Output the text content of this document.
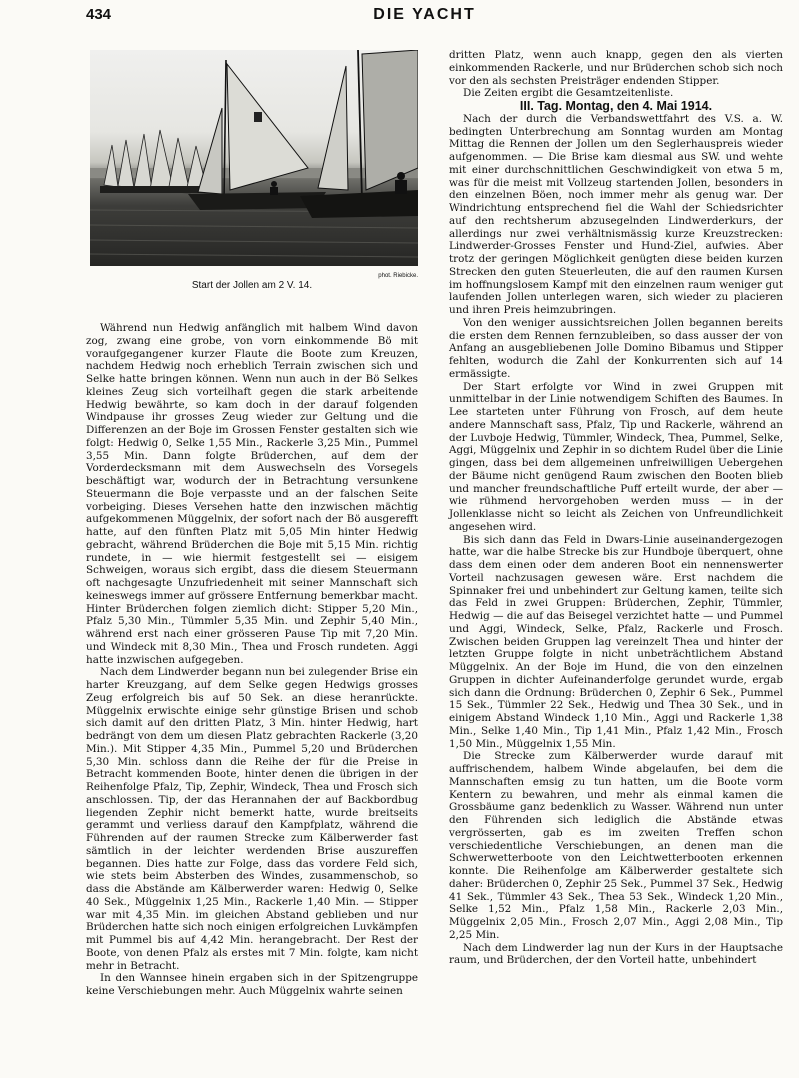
434	DIE YACHT
phot. Riebicke.
Start der Jollen am 2 V. 14.

Während nun Hedwig anfänglich mit halbem Wind davon zog, zwang eine grobe, von vorn einkommende Bö mit voraufgegangener kurzer Flaute die Boote zum Kreuzen, nachdem Hedwig noch erheblich Terrain zwischen sich und Selke hatte bringen können. Wenn nun auch in der Bö Selkes kleines Zeug sich vorteilhaft gegen die stark arbeitende Hedwig bewährte, so kam doch in der darauf folgenden Windpause ihr grosses Zeug wieder zur Geltung und die Differenzen an der Boje im Grossen Fenster gestalten sich wie folgt: Hedwig 0, Selke 1,55 Min., Rackerle 3,25 Min., Pummel 3,55 Min. Dann folgte Brüderchen, auf dem der Vorderdecksmann mit dem Auswechseln des Vorsegels beschäftigt war, wodurch der in Betrachtung versunkene Steuermann die Boje verpasste und an der falschen Seite vorbeiging. Dieses Versehen hatte den inzwischen mächtig aufgekommenen Müggelnix, der sofort nach der Bö ausgerefft hatte, auf den fünften Platz mit 5,05 Min hinter Hedwig gebracht, während Brüderchen die Boje mit 5,15 Min. richtig rundete, in — wie hiermit festgestellt sei — eisigem Schweigen, woraus sich ergibt, dass die diesem Steuermann oft nachgesagte Unzufriedenheit mit seiner Mannschaft sich keineswegs immer auf grössere Entfernung bemerkbar macht. Hinter Brüderchen folgen ziemlich dicht: Stipper 5,20 Min., Pfalz 5,30 Min., Tümmler 5,35 Min. und Zephir 5,40 Min., während erst nach einer grösseren Pause Tip mit 7,20 Min. und Windeck mit 8,30 Min., Thea und Frosch rundeten. Aggi hatte inzwischen aufgegeben.

Nach dem Lindwerder begann nun bei zulegender Brise ein harter Kreuzgang, auf dem Selke gegen Hedwigs grosses Zeug erfolgreich bis auf 50 Sek. an diese heranrückte. Müggelnix erwischte einige sehr günstige Brisen und schob sich damit auf den dritten Platz, 3 Min. hinter Hedwig, hart bedrängt von dem um diesen Platz gebrachten Rackerle (3,20 Min.). Mit Stipper 4,35 Min., Pummel 5,20 und Brüderchen 5,30 Min. schloss dann die Reihe der für die Preise in Betracht kommenden Boote, hinter denen die übrigen in der Reihenfolge Pfalz, Tip, Zephir, Windeck, Thea und Frosch sich anschlossen. Tip, der das Herannahen der auf Backbordbug liegenden Zephir nicht bemerkt hatte, wurde breitseits gerammt und verliess darauf den Kampfplatz, während die Führenden auf der raumen Strecke zum Kälberwerder fast sämtlich in der leichter werdenden Brise auszureffen begannen. Dies hatte zur Folge, dass das vordere Feld sich, wie stets beim Absterben des Windes, zusammenschob, so dass die Abstände am Kälberwerder waren: Hedwig 0, Selke 40 Sek., Müggelnix 1,25 Min., Rackerle 1,40 Min. — Stipper war mit 4,35 Min. im gleichen Abstand geblieben und nur Brüderchen hatte sich noch einigen erfolgreichen Luvkämpfen mit Pummel bis auf 4,42 Min. herangebracht. Der Rest der Boote, von denen Pfalz als erstes mit 7 Min. folgte, kam nicht mehr in Betracht.

In den Wannsee hinein ergaben sich in der Spitzengruppe keine Verschiebungen mehr. Auch Müggelnix wahrte seinen

dritten Platz, wenn auch knapp, gegen den als vierten einkommenden Rackerle, und nur Brüderchen schob sich noch vor den als sechsten Preisträger endenden Stipper.

Die Zeiten ergibt die Gesamtzeitenliste.

III. Tag. Montag, den 4. Mai 1914.

Nach der durch die Verbandswettfahrt des V.S. a. W. bedingten Unterbrechung am Sonntag wurden am Montag Mittag die Rennen der Jollen um den Seglerhauspreis wieder aufgenommen. — Die Brise kam diesmal aus SW. und wehte mit einer durchschnittlichen Geschwindigkeit von etwa 5 m, was für die meist mit Vollzeug startenden Jollen, besonders in den einzelnen Böen, noch immer mehr als genug war. Der Windrichtung entsprechend fiel die Wahl der Schiedsrichter auf den rechtsherum abzusegelnden Lindwerderkurs, der allerdings nur zwei verhältnismässig kurze Kreuzstrecken: Lindwerder-Grosses Fenster und Hund-Ziel, aufwies. Aber trotz der geringen Möglichkeit genügten diese beiden kurzen Strecken den guten Steuerleuten, die auf den raumen Kursen im hoffnungslosem Kampf mit den einzelnen raum weniger gut laufenden Jollen unterlegen waren, sich wieder zu placieren und ihren Preis heimzubringen.

Von den weniger aussichtsreichen Jollen begannen bereits die ersten dem Rennen fernzubleiben, so dass ausser der von Anfang an ausgebliebenen Jolle Domino Bibamus und Stipper fehlten, wodurch die Zahl der Konkurrenten sich auf 14 ermässigte.

Der Start erfolgte vor Wind in zwei Gruppen mit unmittelbar in der Linie notwendigem Schiften des Baumes. In Lee starteten unter Führung von Frosch, auf dem heute andere Mannschaft sass, Pfalz, Tip und Rackerle, während an der Luvboje Hedwig, Tümmler, Windeck, Thea, Pummel, Selke, Aggi, Müggelnix und Zephir in so dichtem Rudel über die Linie gingen, dass bei dem allgemeinen unfreiwilligen Uebergehen der Bäume nicht genügend Raum zwischen den Booten blieb und mancher freundschaftliche Puff erteilt wurde, der aber — wie rühmend hervorgehoben werden muss — in der Jollenklasse nicht so leicht als Zeichen von Unfreundlichkeit angesehen wird.

Bis sich dann das Feld in Dwars-Linie auseinandergezogen hatte, war die halbe Strecke bis zur Hundboje überquert, ohne dass dem einen oder dem anderen Boot ein nennenswerter Vorteil nachzusagen gewesen wäre. Erst nachdem die Spinnaker frei und unbehindert zur Geltung kamen, teilte sich das Feld in zwei Gruppen: Brüderchen, Zephir, Tümmler, Hedwig — die auf das Beisegel verzichtet hatte — und Pummel und Aggi, Windeck, Selke, Pfalz, Rackerle und Frosch. Zwischen beiden Gruppen lag vereinzelt Thea und hinter der letzten Gruppe folgte in nicht unbeträchtlichem Abstand Müggelnix. An der Boje im Hund, die von den einzelnen Gruppen in dichter Aufeinanderfolge gerundet wurde, ergab sich dann die Ordnung: Brüderchen 0, Zephir 6 Sek., Pummel 15 Sek., Tümmler 22 Sek., Hedwig und Thea 30 Sek., und in einigem Abstand Windeck 1,10 Min., Aggi und Rackerle 1,38 Min., Selke 1,40 Min., Tip 1,41 Min., Pfalz 1,42 Min., Frosch 1,50 Min., Müggelnix 1,55 Min.

Die Strecke zum Kälberwerder wurde darauf mit auffrischendem, halbem Winde abgelaufen, bei dem die Mannschaften emsig zu tun hatten, um die Boote vorm Kentern zu bewahren, und mehr als einmal kamen die Grossbäume ganz bedenklich zu Wasser. Während nun unter den Führenden sich lediglich die Abstände etwas vergrösserten, gab es im zweiten Treffen schon verschiedentliche Verschiebungen, an denen man die Schwerwetterboote von den Leichtwetterbooten erkennen konnte. Die Reihenfolge am Kälberwerder gestaltete sich daher: Brüderchen 0, Zephir 25 Sek., Pummel 37 Sek., Hedwig 41 Sek., Tümmler 43 Sek., Thea 53 Sek., Windeck 1,20 Min., Selke 1,52 Min., Pfalz 1,58 Min., Rackerle 2,03 Min., Müggelnix 2,05 Min., Frosch 2,07 Min., Aggi 2,08 Min., Tip 2,25 Min.

Nach dem Lindwerder lag nun der Kurs in der Hauptsache raum, und Brüderchen, der den Vorteil hatte, unbehindert
